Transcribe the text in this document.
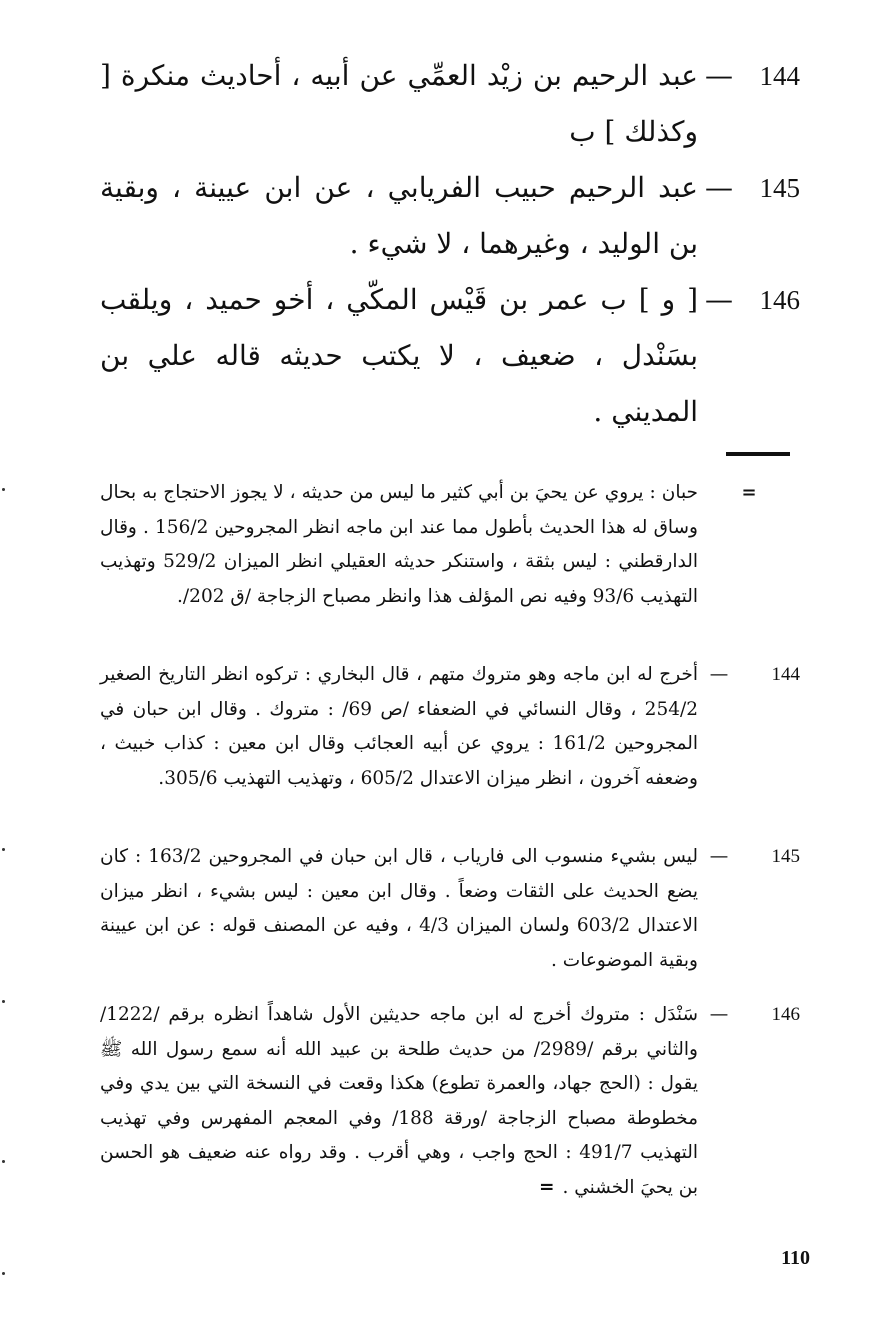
144
—
عبد الرحيم بن زيْد العمِّي عن أبيه ، أحاديث منكرة [ وكذلك ] ب
145
—
عبد الرحيم حبيب الفريابي ، عن ابن عيينة ، وبقية بن الوليد ، وغيرهما ، لا شيء .
146
—
[ و ] ب عمر بن قَيْس المكّي ، أخو حميد ، ويلقب بسَنْدل ، ضعيف ، لا يكتب حديثه قاله علي بن المديني .
=
حبان : يروي عن يحيَ بن أبي كثير ما ليس من حديثه ، لا يجوز الاحتجاج به بحال وساق له هذا الحديث بأطول مما عند ابن ماجه انظر المجروحين 156/2 . وقال الدارقطني : ليس بثقة ، واستنكر حديثه العقيلي انظر الميزان 529/2 وتهذيب التهذيب 93/6 وفيه نص المؤلف هذا وانظر مصباح الزجاجة /ق 202/.
144
—
أخرج له ابن ماجه وهو متروك متهم ، قال البخاري : تركوه انظر التاريخ الصغير 254/2 ، وقال النسائي في الضعفاء /ص 69/ : متروك . وقال ابن حبان في المجروحين 161/2 : يروي عن أبيه العجائب وقال ابن معين : كذاب خبيث ، وضعفه آخرون ، انظر ميزان الاعتدال 605/2 ، وتهذيب التهذيب 305/6.
145
—
ليس بشيء منسوب الى فارياب ، قال ابن حبان في المجروحين 163/2 : كان يضع الحديث على الثقات وضعاً . وقال ابن معين : ليس بشيء ، انظر ميزان الاعتدال 603/2 ولسان الميزان 4/3 ، وفيه عن المصنف قوله : عن ابن عيينة وبقية الموضوعات .
146
—
سَنْدَل : متروك أخرج له ابن ماجه حديثين الأول شاهداً انظره برقم /1222/ والثاني برقم /2989/ من حديث طلحة بن عبيد الله أنه سمع رسول الله ﷺ يقول : (الحج جهاد، والعمرة تطوع) هكذا وقعت في النسخة التي بين يدي وفي مخطوطة مصباح الزجاجة /ورقة 188/ وفي المعجم المفهرس وفي تهذيب التهذيب 491/7 : الحج واجب ، وهي أقرب . وقد رواه عنه ضعيف هو الحسن بن يحيَ الخشني .=
110
